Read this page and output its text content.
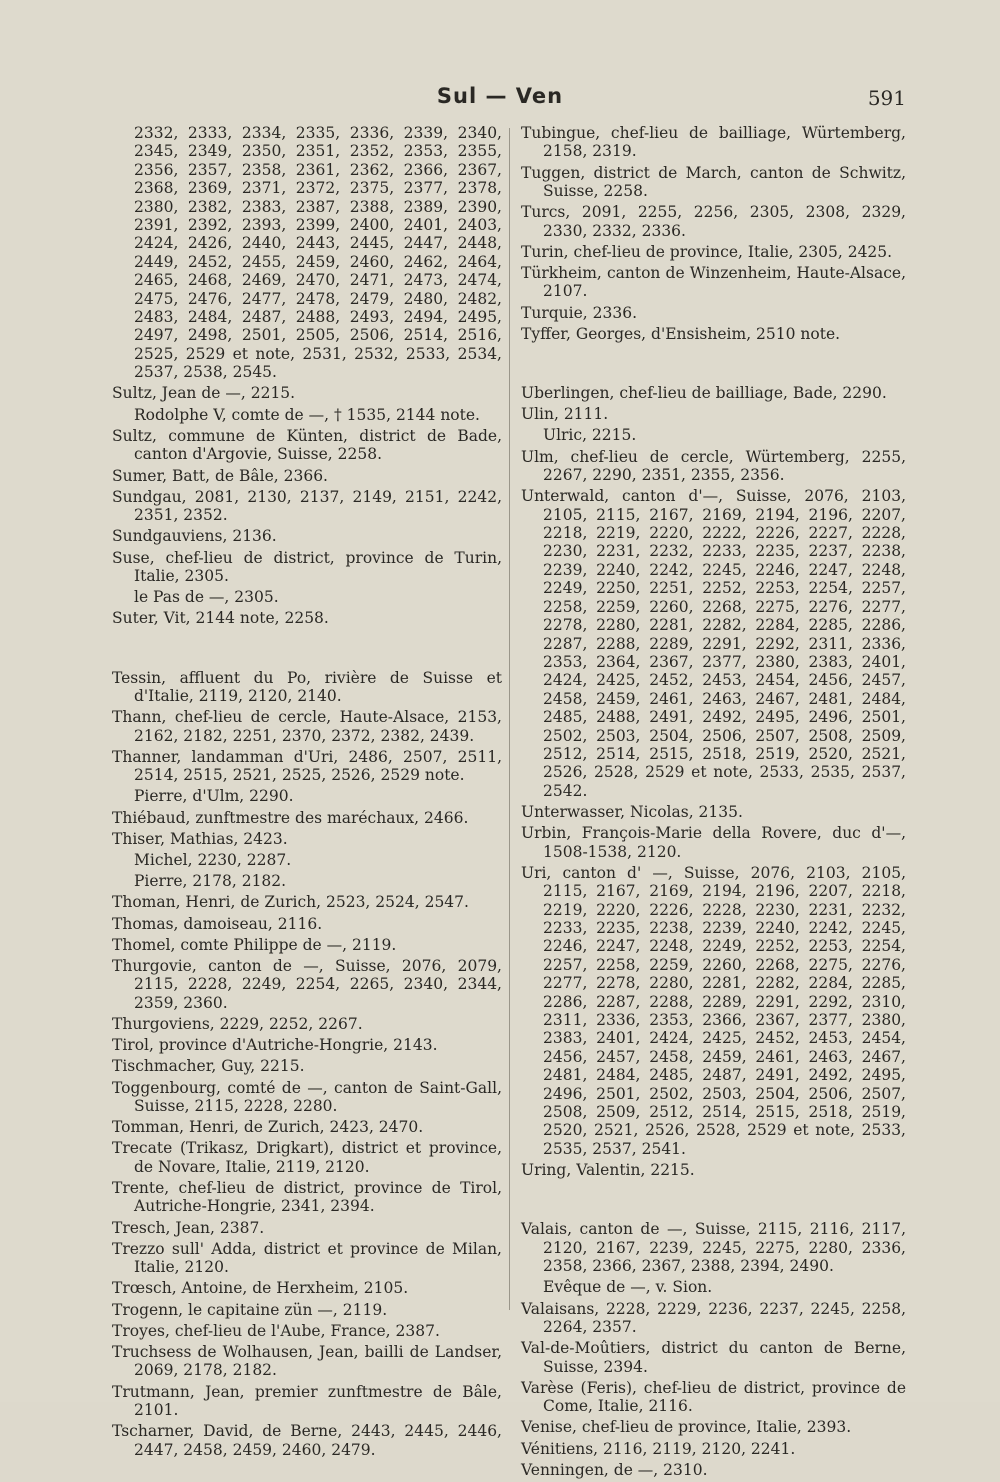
Sul — Ven	591
2332, 2333, 2334, 2335, 2336, 2339, 2340, 2345, 2349, 2350, 2351, 2352, 2353, 2355, 2356, 2357, 2358, 2361, 2362, 2366, 2367, 2368, 2369, 2371, 2372, 2375, 2377, 2378, 2380, 2382, 2383, 2387, 2388, 2389, 2390, 2391, 2392, 2393, 2399, 2400, 2401, 2403, 2424, 2426, 2440, 2443, 2445, 2447, 2448, 2449, 2452, 2455, 2459, 2460, 2462, 2464, 2465, 2468, 2469, 2470, 2471, 2473, 2474, 2475, 2476, 2477, 2478, 2479, 2480, 2482, 2483, 2484, 2487, 2488, 2493, 2494, 2495, 2497, 2498, 2501, 2505, 2506, 2514, 2516, 2525, 2529 et note, 2531, 2532, 2533, 2534, 2537, 2538, 2545.
Sultz, Jean de —, 2215.
Rodolphe V, comte de —, † 1535, 2144 note.
Sultz, commune de Künten, district de Bade, canton d'Argovie, Suisse, 2258.
Sumer, Batt, de Bâle, 2366.
Sundgau, 2081, 2130, 2137, 2149, 2151, 2242, 2351, 2352.
Sundgauviens, 2136.
Suse, chef-lieu de district, province de Turin, Italie, 2305.
le Pas de —, 2305.
Suter, Vit, 2144 note, 2258.
Tessin, affluent du Po, rivière de Suisse et d'Italie, 2119, 2120, 2140.
Thann, chef-lieu de cercle, Haute-Alsace, 2153, 2162, 2182, 2251, 2370, 2372, 2382, 2439.
Thanner, landamman d'Uri, 2486, 2507, 2511, 2514, 2515, 2521, 2525, 2526, 2529 note.
Pierre, d'Ulm, 2290.
Thiébaud, zunftmestre des maréchaux, 2466.
Thiser, Mathias, 2423.
Michel, 2230, 2287.
Pierre, 2178, 2182.
Thoman, Henri, de Zurich, 2523, 2524, 2547.
Thomas, damoiseau, 2116.
Thomel, comte Philippe de —, 2119.
Thurgovie, canton de —, Suisse, 2076, 2079, 2115, 2228, 2249, 2254, 2265, 2340, 2344, 2359, 2360.
Thurgoviens, 2229, 2252, 2267.
Tirol, province d'Autriche-Hongrie, 2143.
Tischmacher, Guy, 2215.
Toggenbourg, comté de —, canton de Saint-Gall, Suisse, 2115, 2228, 2280.
Tomman, Henri, de Zurich, 2423, 2470.
Trecate (Trikasz, Drigkart), district et province, de Novare, Italie, 2119, 2120.
Trente, chef-lieu de district, province de Tirol, Autriche-Hongrie, 2341, 2394.
Tresch, Jean, 2387.
Trezzo sull' Adda, district et province de Milan, Italie, 2120.
Trœsch, Antoine, de Herxheim, 2105.
Trogenn, le capitaine zün —, 2119.
Troyes, chef-lieu de l'Aube, France, 2387.
Truchsess de Wolhausen, Jean, bailli de Landser, 2069, 2178, 2182.
Trutmann, Jean, premier zunftmestre de Bâle, 2101.
Tscharner, David, de Berne, 2443, 2445, 2446, 2447, 2458, 2459, 2460, 2479.
Tubingue, chef-lieu de bailliage, Würtemberg, 2158, 2319.
Tuggen, district de March, canton de Schwitz, Suisse, 2258.
Turcs, 2091, 2255, 2256, 2305, 2308, 2329, 2330, 2332, 2336.
Turin, chef-lieu de province, Italie, 2305, 2425.
Türkheim, canton de Winzenheim, Haute-Alsace, 2107.
Turquie, 2336.
Tyffer, Georges, d'Ensisheim, 2510 note.
Uberlingen, chef-lieu de bailliage, Bade, 2290.
Ulin, 2111.
Ulric, 2215.
Ulm, chef-lieu de cercle, Würtemberg, 2255, 2267, 2290, 2351, 2355, 2356.
Unterwald, canton d'—, Suisse, 2076, 2103, 2105, 2115, 2167, 2169, 2194, 2196, 2207, 2218, 2219, 2220, 2222, 2226, 2227, 2228, 2230, 2231, 2232, 2233, 2235, 2237, 2238, 2239, 2240, 2242, 2245, 2246, 2247, 2248, 2249, 2250, 2251, 2252, 2253, 2254, 2257, 2258, 2259, 2260, 2268, 2275, 2276, 2277, 2278, 2280, 2281, 2282, 2284, 2285, 2286, 2287, 2288, 2289, 2291, 2292, 2311, 2336, 2353, 2364, 2367, 2377, 2380, 2383, 2401, 2424, 2425, 2452, 2453, 2454, 2456, 2457, 2458, 2459, 2461, 2463, 2467, 2481, 2484, 2485, 2488, 2491, 2492, 2495, 2496, 2501, 2502, 2503, 2504, 2506, 2507, 2508, 2509, 2512, 2514, 2515, 2518, 2519, 2520, 2521, 2526, 2528, 2529 et note, 2533, 2535, 2537, 2542.
Unterwasser, Nicolas, 2135.
Urbin, François-Marie della Rovere, duc d'—, 1508-1538, 2120.
Uri, canton d' —, Suisse, 2076, 2103, 2105, 2115, 2167, 2169, 2194, 2196, 2207, 2218, 2219, 2220, 2226, 2228, 2230, 2231, 2232, 2233, 2235, 2238, 2239, 2240, 2242, 2245, 2246, 2247, 2248, 2249, 2252, 2253, 2254, 2257, 2258, 2259, 2260, 2268, 2275, 2276, 2277, 2278, 2280, 2281, 2282, 2284, 2285, 2286, 2287, 2288, 2289, 2291, 2292, 2310, 2311, 2336, 2353, 2366, 2367, 2377, 2380, 2383, 2401, 2424, 2425, 2452, 2453, 2454, 2456, 2457, 2458, 2459, 2461, 2463, 2467, 2481, 2484, 2485, 2487, 2491, 2492, 2495, 2496, 2501, 2502, 2503, 2504, 2506, 2507, 2508, 2509, 2512, 2514, 2515, 2518, 2519, 2520, 2521, 2526, 2528, 2529 et note, 2533, 2535, 2537, 2541.
Uring, Valentin, 2215.
Valais, canton de —, Suisse, 2115, 2116, 2117, 2120, 2167, 2239, 2245, 2275, 2280, 2336, 2358, 2366, 2367, 2388, 2394, 2490.
Evêque de —, v. Sion.
Valaisans, 2228, 2229, 2236, 2237, 2245, 2258, 2264, 2357.
Val-de-Moûtiers, district du canton de Berne, Suisse, 2394.
Varèse (Feris), chef-lieu de district, province de Come, Italie, 2116.
Venise, chef-lieu de province, Italie, 2393.
Vénitiens, 2116, 2119, 2120, 2241.
Venningen, de —, 2310.
